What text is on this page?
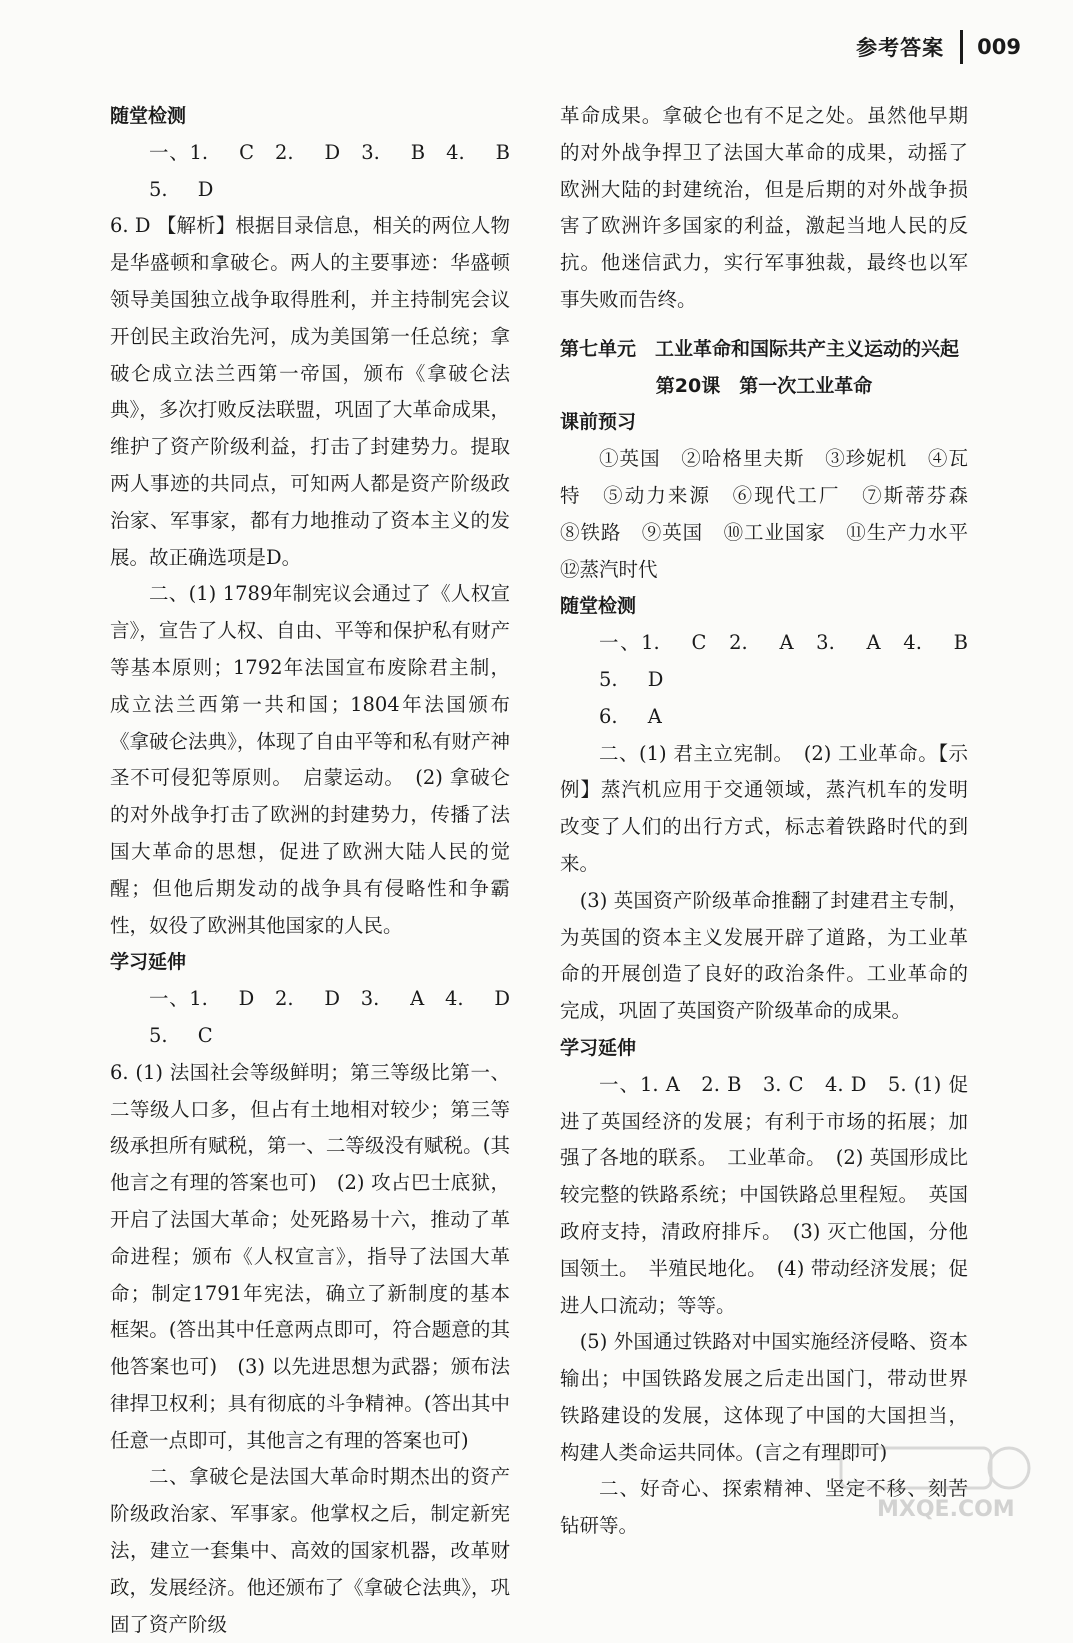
参考答案 009

随堂检测

一、1. C　2. D　3. B　4. B　5. D

6. D 【解析】根据目录信息，相关的两位人物是华盛顿和拿破仑。两人的主要事迹：华盛顿领导美国独立战争取得胜利，并主持制宪会议开创民主政治先河，成为美国第一任总统；拿破仑成立法兰西第一帝国，颁布《拿破仑法典》，多次打败反法联盟，巩固了大革命成果，维护了资产阶级利益，打击了封建势力。提取两人事迹的共同点，可知两人都是资产阶级政治家、军事家，都有力地推动了资本主义的发展。故正确选项是D。

二、(1) 1789年制宪议会通过了《人权宣言》，宣告了人权、自由、平等和保护私有财产等基本原则；1792年法国宣布废除君主制，成立法兰西第一共和国；1804年法国颁布《拿破仑法典》，体现了自由平等和私有财产神圣不可侵犯等原则。　启蒙运动。　(2) 拿破仑的对外战争打击了欧洲的封建势力，传播了法国大革命的思想，促进了欧洲大陆人民的觉醒；但他后期发动的战争具有侵略性和争霸性，奴役了欧洲其他国家的人民。

学习延伸

一、1. D　2. D　3. A　4. D　5. C

6. (1) 法国社会等级鲜明；第三等级比第一、二等级人口多，但占有土地相对较少；第三等级承担所有赋税，第一、二等级没有赋税。(其他言之有理的答案也可)　(2) 攻占巴士底狱，开启了法国大革命；处死路易十六，推动了革命进程；颁布《人权宣言》，指导了法国大革命；制定1791年宪法，确立了新制度的基本框架。(答出其中任意两点即可，符合题意的其他答案也可)　(3) 以先进思想为武器；颁布法律捍卫权利；具有彻底的斗争精神。(答出其中任意一点即可，其他言之有理的答案也可)

二、拿破仑是法国大革命时期杰出的资产阶级政治家、军事家。他掌权之后，制定新宪法，建立一套集中、高效的国家机器，改革财政，发展经济。他还颁布了《拿破仑法典》，巩固了资产阶级

革命成果。拿破仑也有不足之处。虽然他早期的对外战争捍卫了法国大革命的成果，动摇了欧洲大陆的封建统治，但是后期的对外战争损害了欧洲许多国家的利益，激起当地人民的反抗。他迷信武力，实行军事独裁，最终也以军事失败而告终。

第七单元　工业革命和国际共产主义运动的兴起

第20课　第一次工业革命

课前预习

①英国　②哈格里夫斯　③珍妮机　④瓦特　⑤动力来源　⑥现代工厂　⑦斯蒂芬森　⑧铁路　⑨英国　⑩工业国家　⑪生产力水平　⑫蒸汽时代

随堂检测

一、1. C　2. A　3. A　4. B　5. D

6. A

二、(1) 君主立宪制。　(2) 工业革命。【示例】蒸汽机应用于交通领域，蒸汽机车的发明改变了人们的出行方式，标志着铁路时代的到来。

　(3) 英国资产阶级革命推翻了封建君主专制，为英国的资本主义发展开辟了道路，为工业革命的开展创造了良好的政治条件。工业革命的完成，巩固了英国资产阶级革命的成果。

学习延伸

一、1. A　2. B　3. C　4. D　5. (1) 促进了英国经济的发展；有利于市场的拓展；加强了各地的联系。　工业革命。　(2) 英国形成比较完整的铁路系统；中国铁路总里程短。　英国政府支持，清政府排斥。　(3) 灭亡他国，分他国领土。　半殖民地化。　(4) 带动经济发展；促进人口流动；等等。

　(5) 外国通过铁路对中国实施经济侵略、资本输出；中国铁路发展之后走出国门，带动世界铁路建设的发展，这体现了中国的大国担当，构建人类命运共同体。(言之有理即可)

二、好奇心、探索精神、坚定不移、刻苦钻研等。

MXQE.COM
